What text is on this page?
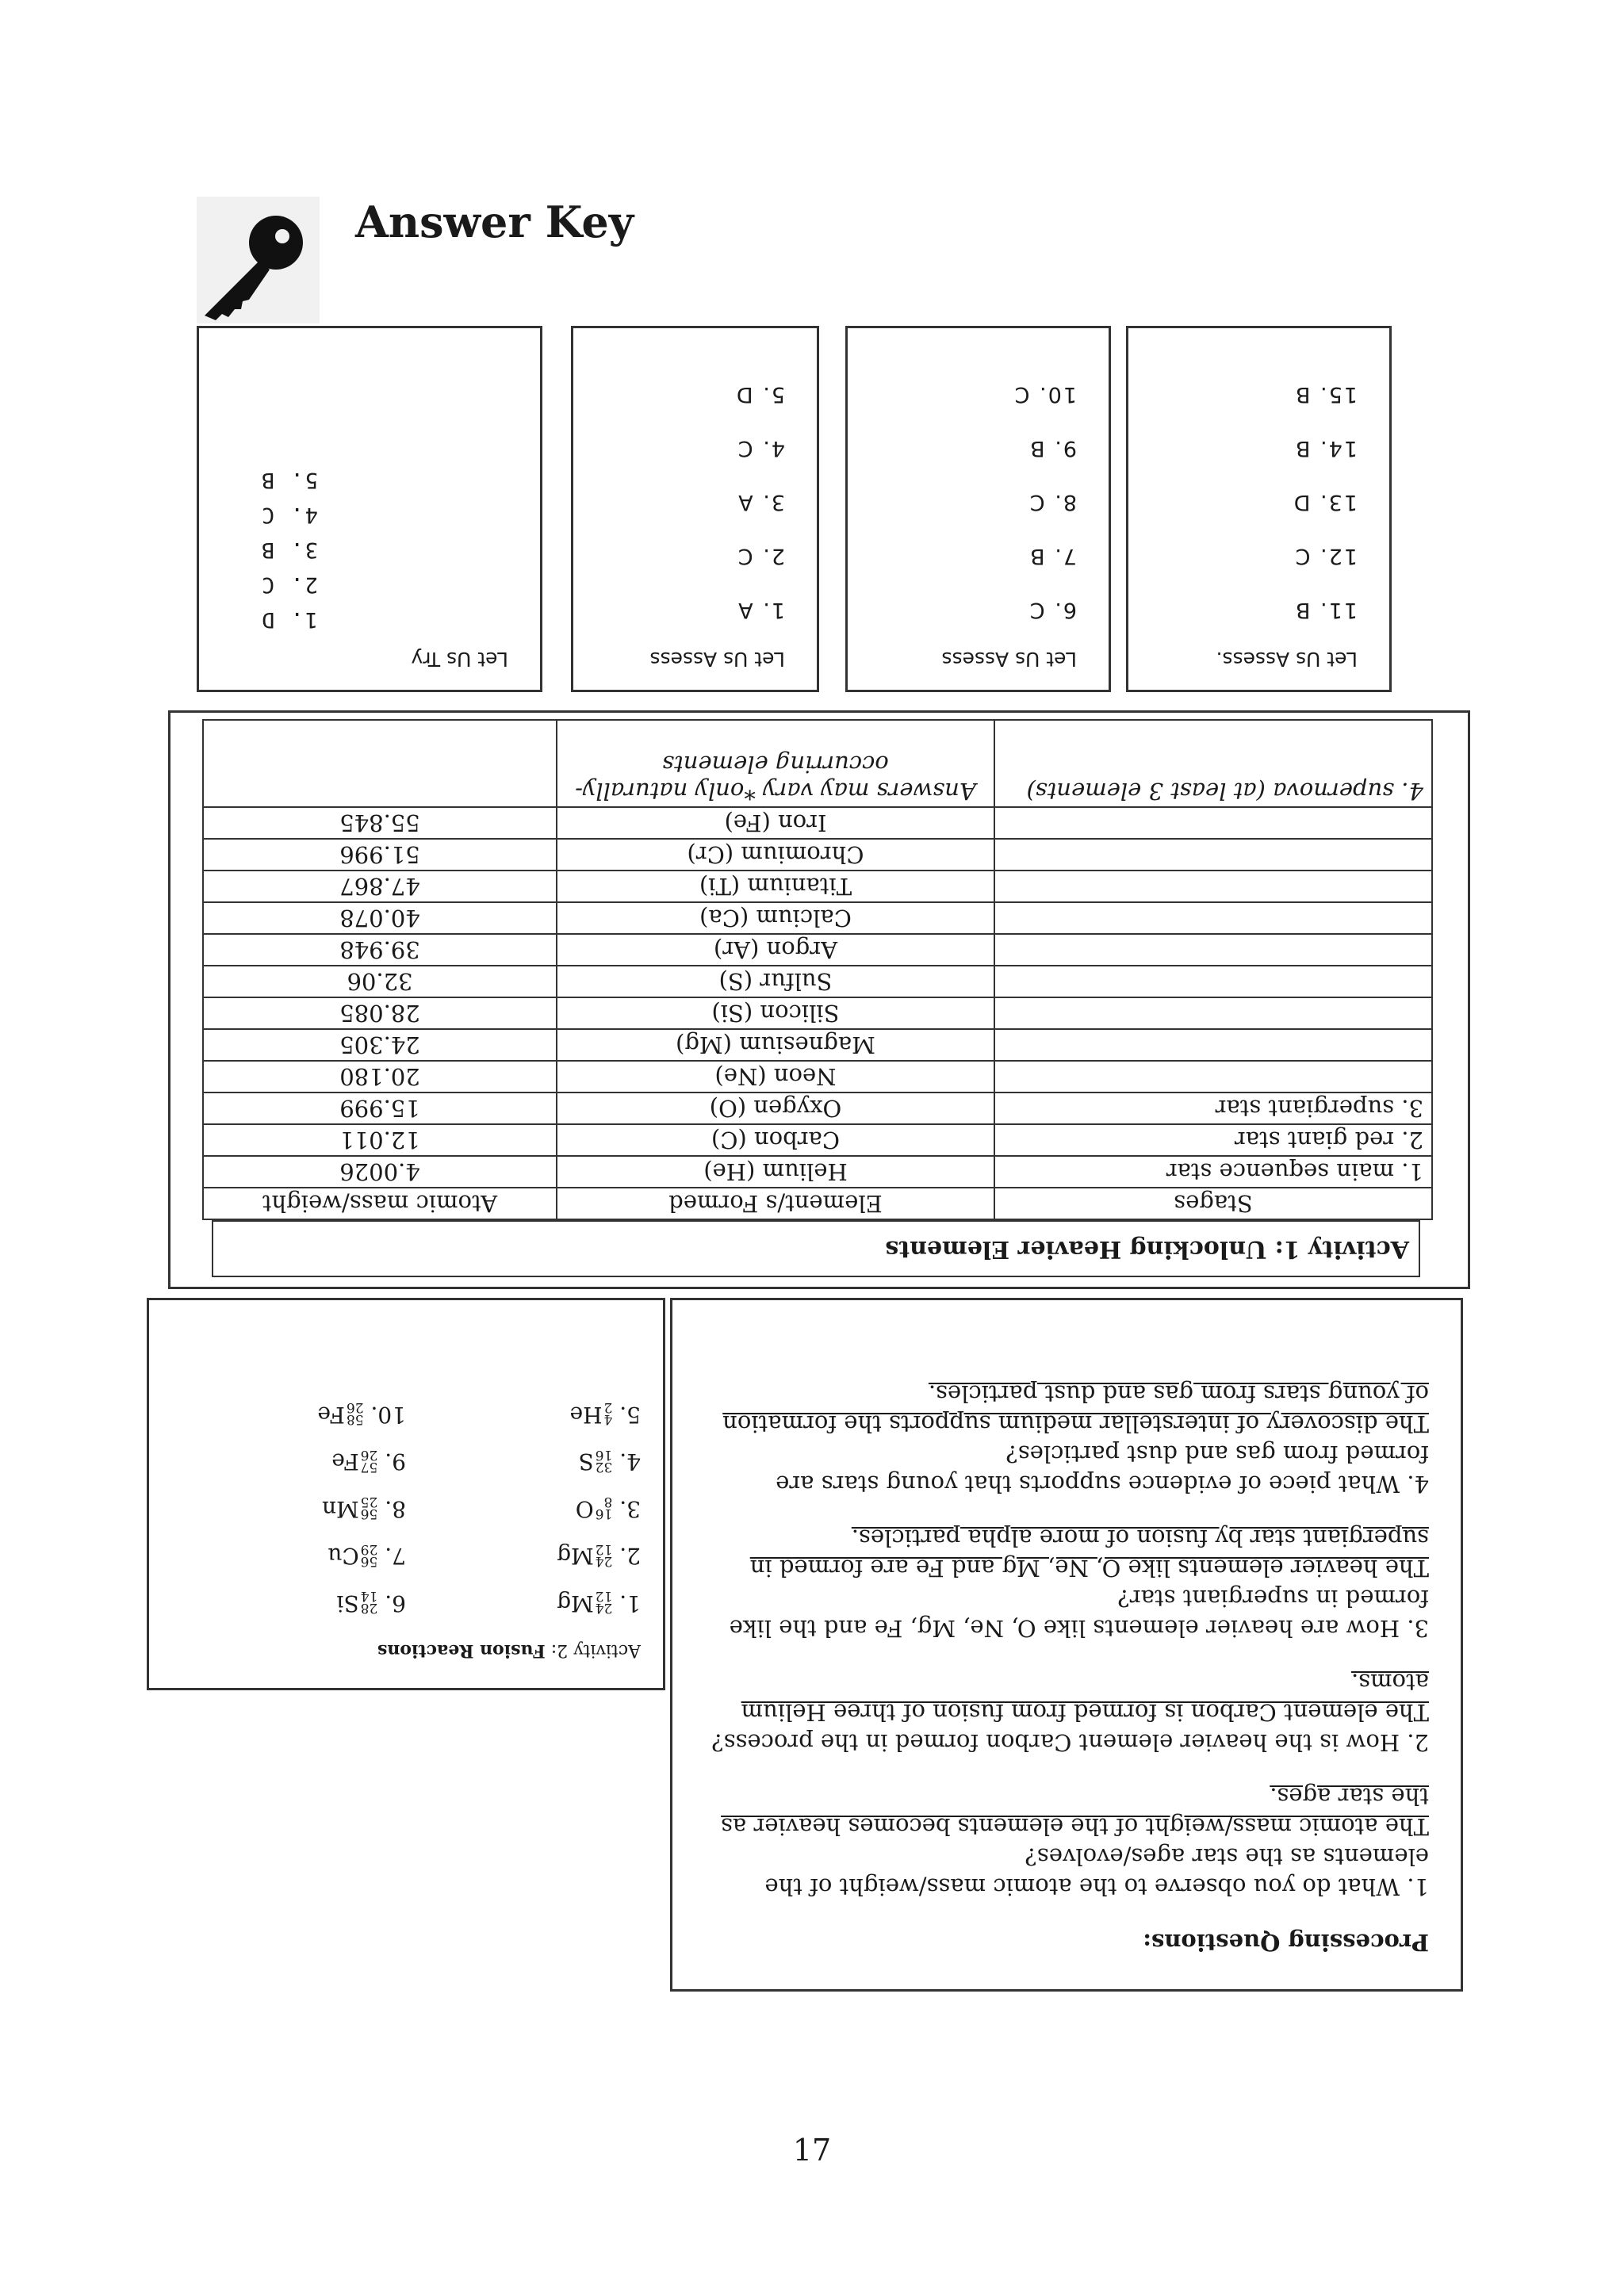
Answer Key
Let Us Try
1. D
2. C
3. B
4. C
5. B
Let Us Assess
1. A
2. C
3. A
4. C
5. D
Let Us Assess
6. C
7. B
8. C
9. B
10. C
Let Us Assess.
11. B
12. C
13. D
14. B
15. B
Activity 1: Unlocking Heavier Elements
Stages	Element/s Formed	Atomic mass/weight
1. main sequence star	Helium (He)	4.0026
2. red giant star	Carbon (C)	12.011
3. supergiant star	Oxygen (O)	15.999
	Neon (Ne)	20.180
	Magnesium (Mg)	24.305
	Silicon (Si)	28.085
	Sulfur (S)	32.06
	Argon (Ar)	39.948
	Calcium (Ca)	40.078
	Titanium (Ti)	47.867
	Chromium (Cr)	51.996
	Iron (Fe)	55.845
4. supernova (at least 3 elements)	Answers may vary *only naturally-occurring elements	
Processing Questions:
1. What do you observe to the atomic mass/weight of the elements as the star ages/evolves?
The atomic mass/weight of the elements becomes heavier as the star ages.
2. How is the heavier element Carbon formed in the process?
The element Carbon is formed from fusion of three Helium atoms.
3. How are heavier elements like O, Ne, Mg, Fe and the like formed in supergiant star?
The heavier elements like O, Ne, Mg and Fe are formed in supergiant star by fusion of more alpha particles.
4. What piece of evidence supports that young stars are formed from gas and dust particles?
The discovery of interstellar medium supports the formation of young stars from gas and dust particles.
Activity 2: Fusion Reactions
1.
24
12
Mg
6.
28
14
Si
2.
24
12
Mg
7.
56
29
Cu
3.
16
8
O
8.
56
25
Mn
4.
32
16
S
9.
57
26
Fe
5.
4
2
He
10.
58
26
Fe
17
